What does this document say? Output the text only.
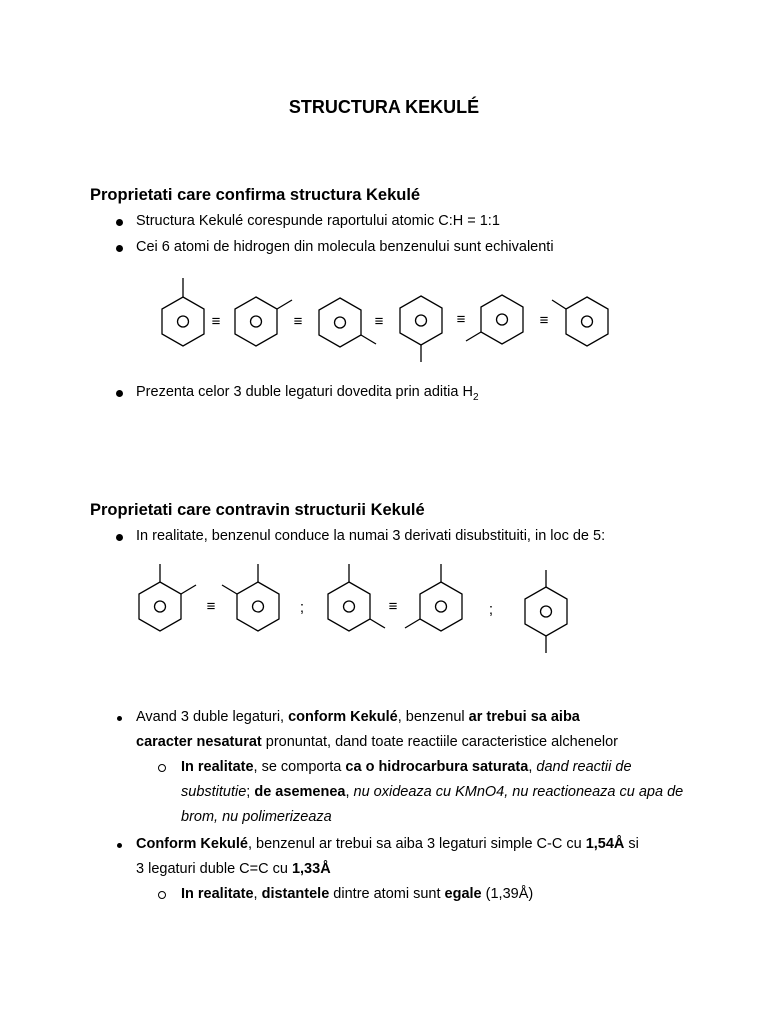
STRUCTURA KEKULÉ
Proprietati care confirma structura Kekulé
Structura Kekulé corespunde raportului atomic C:H = 1:1
Cei 6 atomi de hidrogen din molecula benzenului sunt echivalenti
Prezenta celor 3 duble legaturi dovedita prin aditia $H_2$
Proprietati care contravin structurii Kekulé
In realitate, benzenul conduce la numai 3 derivati disubstituiti, in loc de 5:
Avand 3 duble legaturi, conform Kekulé, benzenul ar trebui sa aiba
caracter nesaturat pronuntat, dand toate reactiile caracteristice alchenelor
In realitate, se comporta ca o hidrocarbura saturata, dand reactii de substitutie; de asemenea, nu oxideaza cu KMnO4, nu reactioneaza cu apa de brom, nu polimerizeaza
Conform Kekulé, benzenul ar trebui sa aiba 3 legaturi simple C-C cu 1,54Å si
3 legaturi duble C=C cu 1,33Å
In realitate, distantele dintre atomi sunt egale (1,39Å)
≡	≡	≡	≡	≡
≡	;	≡	;
